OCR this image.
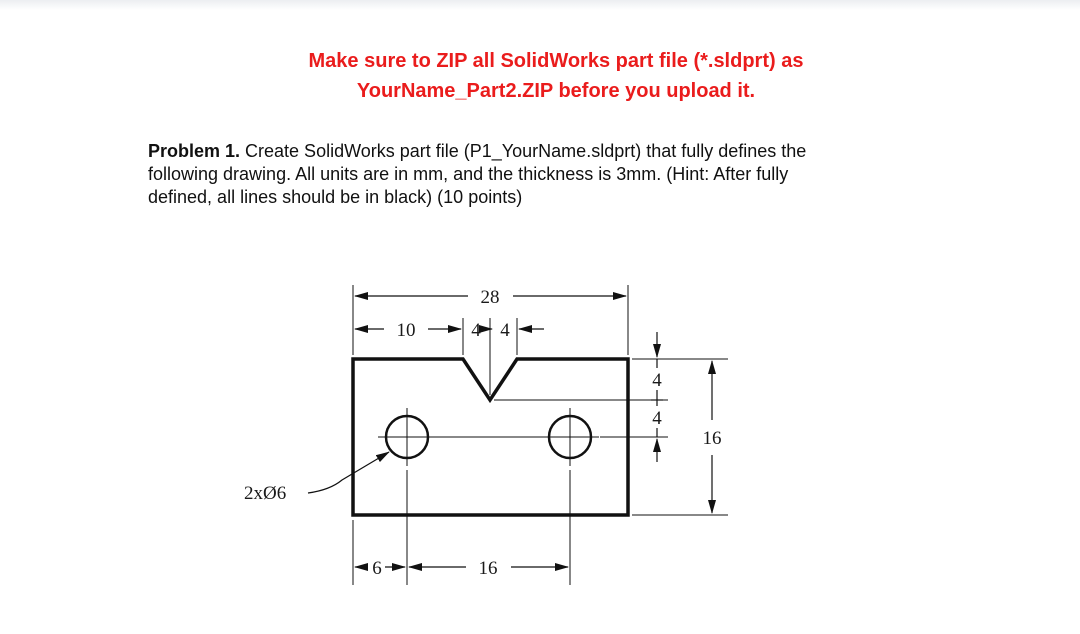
Make sure to ZIP all SolidWorks part file (*.sldprt) as
YourName_Part2.ZIP before you upload it.
Problem 1. Create SolidWorks part file (P1_YourName.sldprt) that fully defines the
following drawing. All units are in mm, and the thickness is 3mm. (Hint: After fully
defined, all lines should be in black) (10 points)
28
10	4 4
4
4
16
2xØ6
6	16
